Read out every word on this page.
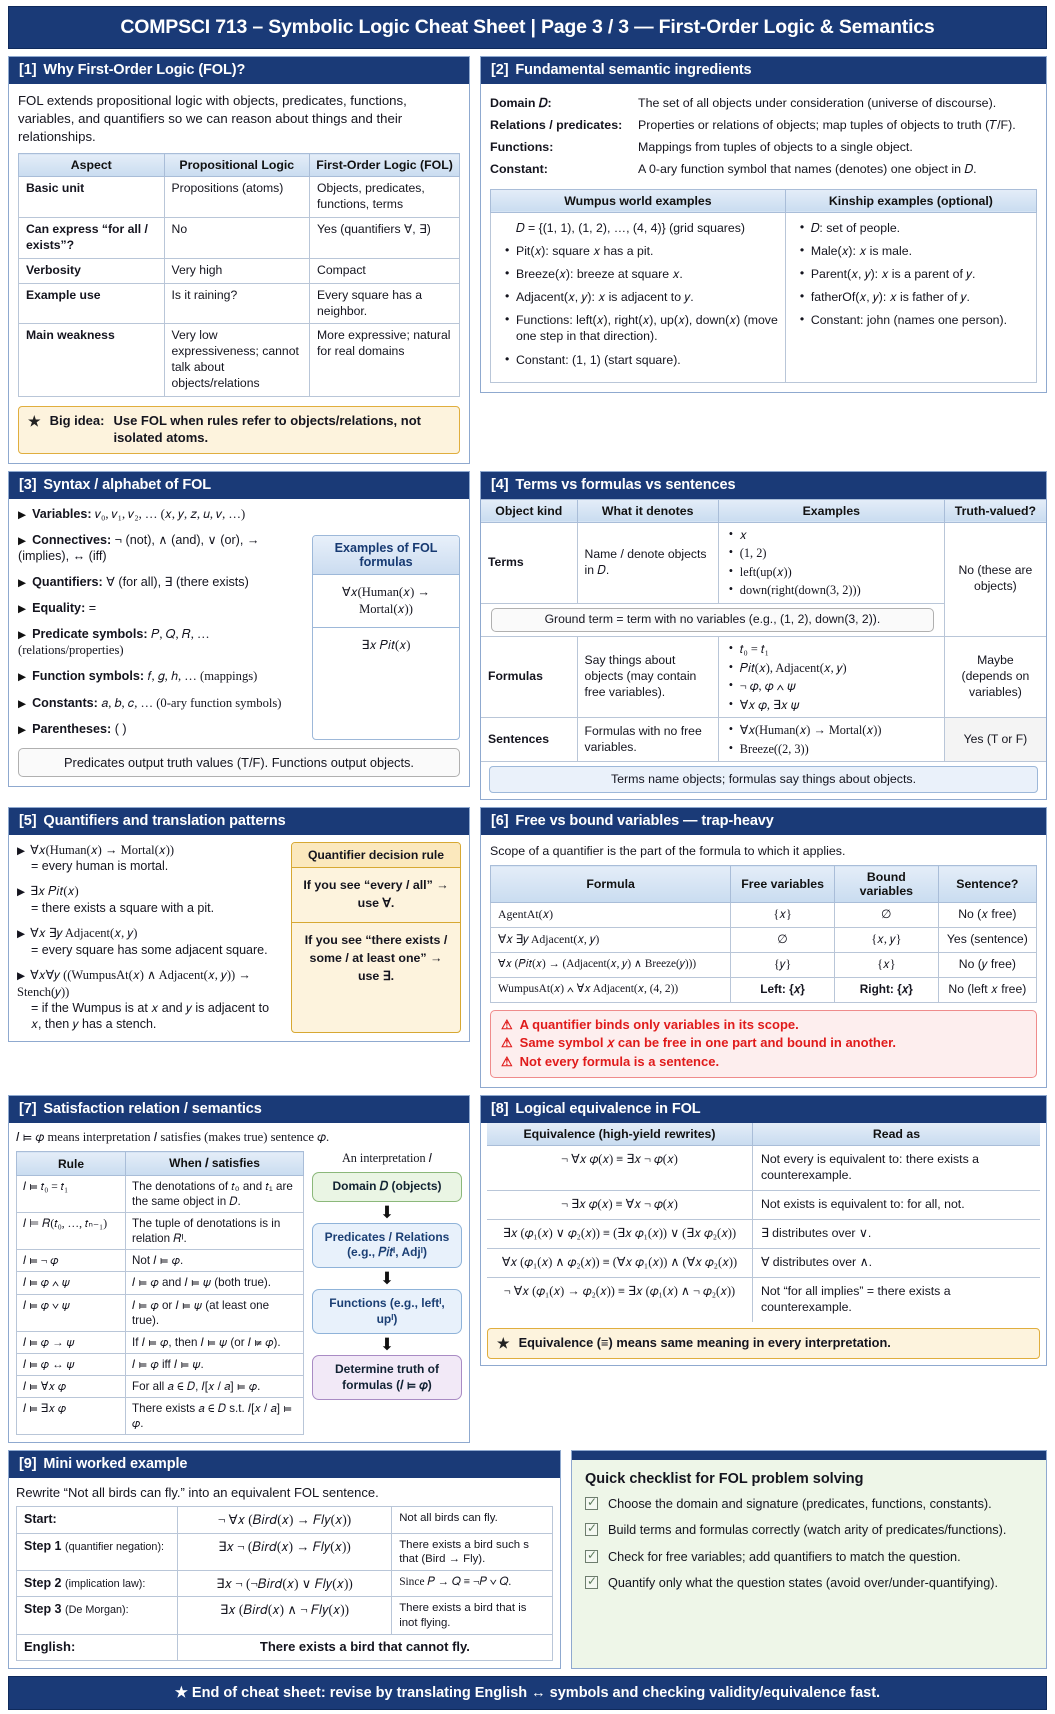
COMPSCI 713 – Symbolic Logic Cheat Sheet | Page 3 / 3 — First-Order Logic & Semantics
[1] Why First-Order Logic (FOL)?

FOL extends propositional logic with objects, predicates, functions, variables, and quantifiers so we can reason about things and their relationships.

Aspect	Propositional Logic	First-Order Logic (FOL)
Basic unit	Propositions (atoms)	Objects, predicates, functions, terms
Can express “for all / exists”?	No	Yes (quantifiers ∀, ∃)
Verbosity	Very high	Compact
Example use	Is it raining?	Every square has a neighbor.
Main weakness	Very low expressiveness; cannot talk about objects/relations	More expressive; natural for real domains
★ Big idea: Use FOL when rules refer to objects/relations, not isolated atoms.
[2] Fundamental semantic ingredients
Domain 𝐷:	The set of all objects under consideration (universe of discourse).
Relations / predicates:	Properties or relations of objects; map tuples of objects to truth (𝑇/F).
Functions:	Mappings from tuples of objects to a single object.
Constant:	A 0-ary function symbol that names (denotes) one object in 𝐷.
Wumpus world examples	Kinship examples (optional)

𝐷 = {(1, 1), (1, 2), …, (4, 4)} (grid squares)
• Pit(𝑥): square 𝑥 has a pit.
• Breeze(𝑥): breeze at square 𝑥.
• Adjacent(𝑥, 𝑦): 𝑥 is adjacent to 𝑦.
• Functions: left(𝑥), right(𝑥), up(𝑥), down(𝑥) (move one step in that direction).
• Constant: (1, 1) (start square).

• 𝐷: set of people.
• Male(𝑥): 𝑥 is male.
• Parent(𝑥, 𝑦): 𝑥 is a parent of 𝑦.
• fatherOf(𝑥, 𝑦): 𝑥 is father of 𝑦.
• Constant: john (names one person).
[3] Syntax / alphabet of FOL
▶ Variables: 𝑣₀, 𝑣₁, 𝑣₂, … (𝑥, 𝑦, 𝑧, 𝑢, 𝑣, …)
▶ Connectives: ¬ (not), ∧ (and), ∨ (or), → (implies), ↔ (iff)
▶ Quantifiers: ∀ (for all), ∃ (there exists)
▶ Equality: =
▶ Predicate symbols: 𝑃, 𝑄, 𝑅, … (relations/properties)
▶ Function symbols: 𝑓, 𝑔, ℎ, … (mappings)
▶ Constants: 𝑎, 𝑏, 𝑐, … (0-ary function symbols)
▶ Parentheses: ( )
Examples of FOL formulas
∀𝑥(Human(𝑥) → Mortal(𝑥))
∃𝑥 𝑃𝑖𝑡(𝑥)
Predicates output truth values (T/F). Functions output objects.
[4] Terms vs formulas vs sentences
Object kind	What it denotes	Examples	Truth-valued?
Terms	Name / denote objects in 𝐷.	
• 𝑥
• (1, 2)
• left(up(𝑥))
• down(right(down(3, 2)))
	No (these are objects)

Ground term = term with no variables (e.g., (1, 2), down(3, 2)).			

Formulas	Say things about objects (may contain free variables).	
• 𝑡₀ = 𝑡₁
• 𝑃𝑖𝑡(𝑥), Adjacent(𝑥, 𝑦)
• ¬ 𝜑, 𝜑 ∧ 𝜓
• ∀𝑥 𝜑, ∃𝑥 𝜓
	Maybe (depends on variables)
Sentences	Formulas with no free variables.	
• ∀𝑥(Human(𝑥) → Mortal(𝑥))
• Breeze((2, 3))
	Yes (T or F)

Terms name objects; formulas say things about objects.			
[5] Quantifiers and translation patterns
▶ ∀𝑥(Human(𝑥) → Mortal(𝑥))
= every human is mortal.
▶ ∃𝑥 𝑃𝑖𝑡(𝑥)
= there exists a square with a pit.
▶ ∀𝑥 ∃𝑦 Adjacent(𝑥, 𝑦)
= every square has some adjacent square.
▶ ∀𝑥∀𝑦 ((WumpusAt(𝑥) ∧ Adjacent(𝑥, 𝑦)) → Stench(𝑦))
= if the Wumpus is at 𝑥 and 𝑦 is adjacent to 𝑥, then 𝑦 has a stench.
Quantifier decision rule
If you see “every / all” → use ∀.
If you see “there exists / some / at least one” → use ∃.
[6] Free vs bound variables — trap-heavy

Scope of a quantifier is the part of the formula to which it applies.

Formula	Free variables	Bound variables	Sentence?
AgentAt(𝑥)	{𝑥}	∅	No (𝑥 free)
∀𝑥 ∃𝑦 Adjacent(𝑥, 𝑦)	∅	{𝑥, 𝑦}	Yes (sentence)
∀𝑥 (𝑃𝑖𝑡(𝑥) → (Adjacent(𝑥, 𝑦) ∧ Breeze(𝑦)))	{𝑦}	{𝑥}	No (𝑦 free)
WumpusAt(𝑥) ∧ ∀𝑥 Adjacent(𝑥, (4, 2))	Left: {𝑥}	Right: {𝑥}	No (left 𝑥 free)
⚠ A quantifier binds only variables in its scope.
⚠ Same symbol 𝑥 can be free in one part and bound in another.
⚠ Not every formula is a sentence.
[7] Satisfaction relation / semantics

𝐼 ⊨ 𝜑 means interpretation 𝐼 satisfies (makes true) sentence 𝜑.

Rule	When 𝐼 satisfies
𝐼 ⊨ 𝑡₀ = 𝑡₁	The denotations of 𝑡₀ and 𝑡₁ are the same object in 𝐷.
𝐼 ⊨ 𝑅(𝑡₀, …, 𝑡ₙ₋₁)	The tuple of denotations is in relation 𝑅ᴵ.
𝐼 ⊨ ¬ 𝜑	Not 𝐼 ⊨ 𝜑.
𝐼 ⊨ 𝜑 ∧ 𝜓	𝐼 ⊨ 𝜑 and 𝐼 ⊨ 𝜓 (both true).
𝐼 ⊨ 𝜑 ∨ 𝜓	𝐼 ⊨ 𝜑 or 𝐼 ⊨ 𝜓 (at least one true).
𝐼 ⊨ 𝜑 → 𝜓	If 𝐼 ⊨ 𝜑, then 𝐼 ⊨ 𝜓 (or 𝐼 ⊭ 𝜑).
𝐼 ⊨ 𝜑 ↔ 𝜓	𝐼 ⊨ 𝜑 iff 𝐼 ⊨ 𝜓.
𝐼 ⊨ ∀𝑥 𝜑	For all 𝑎 ∈ 𝐷, 𝐼[𝑥 / 𝑎] ⊨ 𝜑.
𝐼 ⊨ ∃𝑥 𝜑	There exists 𝑎 ∈ 𝐷 s.t. 𝐼[𝑥 / 𝑎] ⊨ 𝜑.
An interpretation 𝐼
Domain 𝐷 (objects)
⬇
Predicates / Relations (e.g., 𝑃𝑖𝑡ᴵ, Adjᴵ)
⬇
Functions (e.g., leftᴵ, upᴵ)
⬇
Determine truth of formulas (𝐼 ⊨ 𝜑)
[8] Logical equivalence in FOL
Equivalence (high-yield rewrites)	Read as
¬ ∀𝑥 𝜑(𝑥) ≡ ∃𝑥 ¬ 𝜑(𝑥)	Not every is equivalent to: there exists a counterexample.
¬ ∃𝑥 𝜑(𝑥) ≡ ∀𝑥 ¬ 𝜑(𝑥)	Not exists is equivalent to: for all, not.
∃𝑥 (𝜑₁(𝑥) ∨ 𝜑₂(𝑥)) ≡ (∃𝑥 𝜑₁(𝑥)) ∨ (∃𝑥 𝜑₂(𝑥))	∃ distributes over ∨.
∀𝑥 (𝜑₁(𝑥) ∧ 𝜑₂(𝑥)) ≡ (∀𝑥 𝜑₁(𝑥)) ∧ (∀𝑥 𝜑₂(𝑥))	∀ distributes over ∧.
¬ ∀𝑥 (𝜑₁(𝑥) → 𝜑₂(𝑥)) ≡ ∃𝑥 (𝜑₁(𝑥) ∧ ¬ 𝜑₂(𝑥))	Not “for all implies” = there exists a counterexample.
★ Equivalence (≡) means same meaning in every interpretation.
[9] Mini worked example

Rewrite “Not all birds can fly.” into an equivalent FOL sentence.

Start:	¬ ∀𝑥 (𝐵𝑖𝑟𝑑(𝑥) → 𝐹𝑙𝑦(𝑥))	Not all birds can fly.
Step 1 (quantifier negation):	∃𝑥 ¬ (𝐵𝑖𝑟𝑑(𝑥) → 𝐹𝑙𝑦(𝑥))	There exists a bird such s that (Bird → Fly).
Step 2 (implication law):	∃𝑥 ¬ (¬𝐵𝑖𝑟𝑑(𝑥) ∨ 𝐹𝑙𝑦(𝑥))	Since 𝑃 → 𝑄 ≡ ¬𝑃 ∨ 𝑄.
Step 3 (De Morgan):	∃𝑥 (𝐵𝑖𝑟𝑑(𝑥) ∧ ¬ 𝐹𝑙𝑦(𝑥))	There exists a bird that is inot flying.
English:	There exists a bird that cannot fly.	
Quick checklist for FOL problem solving
✓
Choose the domain and signature (predicates, functions, constants).
✓
Build terms and formulas correctly (watch arity of predicates/functions).
✓
Check for free variables; add quantifiers to match the question.
✓
Quantify only what the question states (avoid over/under-quantifying).
★ End of cheat sheet: revise by translating English ↔ symbols and checking validity/equivalence fast.
